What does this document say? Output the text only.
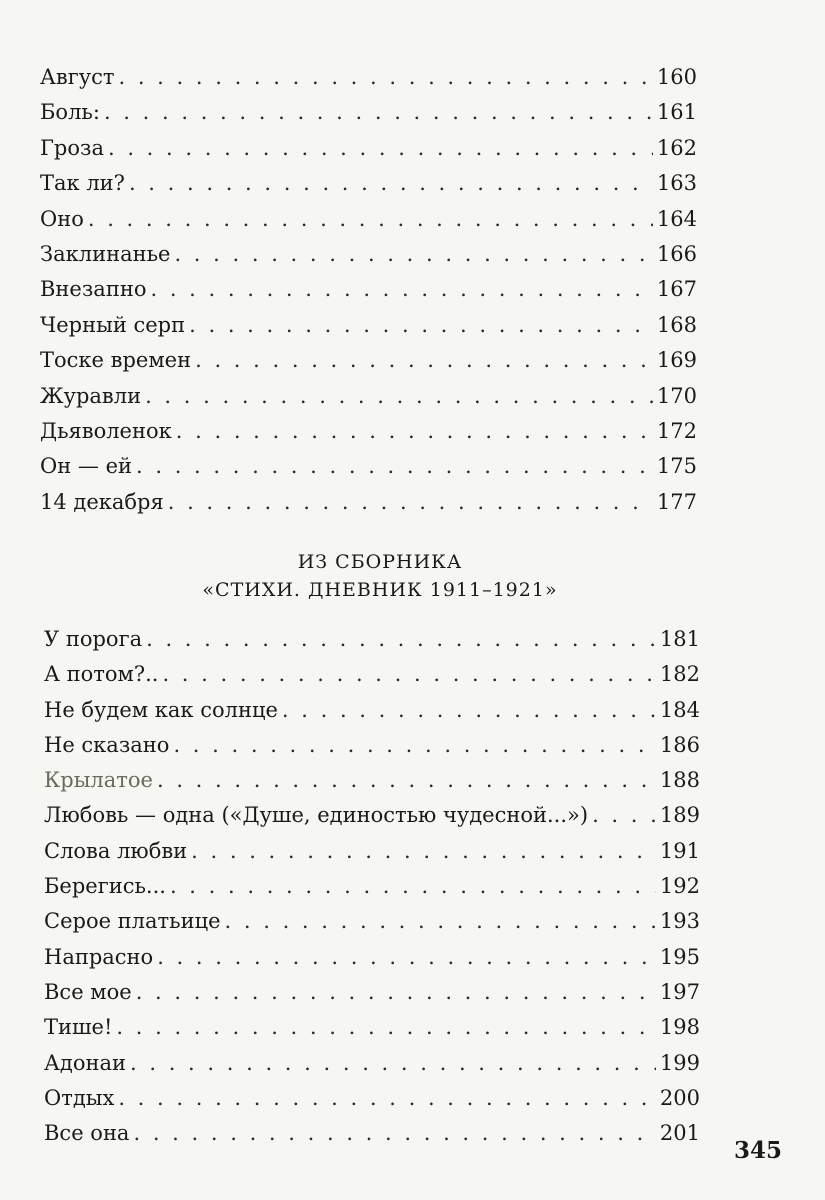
Август . . .	160
Боль: . . .	161
Гроза . . .	162
Так ли? . . .	163
Оно . . .	164
Заклинанье . . .	166
Внезапно . . .	167
Черный серп . . .	168
Тоске времен . . .	169
Журавли . . .	170
Дьяволенок . . .	172
Он — ей . . .	175
14 декабря . . .	177
ИЗ СБОРНИКА
«СТИХИ. ДНЕВНИК 1911–1921»
У порога . . .	181
А потом?.. . . .	182
Не будем как солнце . . .	184
Не сказано . . .	186
Крылатое . . .	188
Любовь — одна («Душе, единостью чудесной...») . . .	189
Слова любви . . .	191
Берегись... . . .	192
Серое платьице . . .	193
Напрасно . . .	195
Все мое . . .	197
Тише! . . .	198
Адонаи . . .	199
Отдых . . .	200
Все она . . .	201
345
